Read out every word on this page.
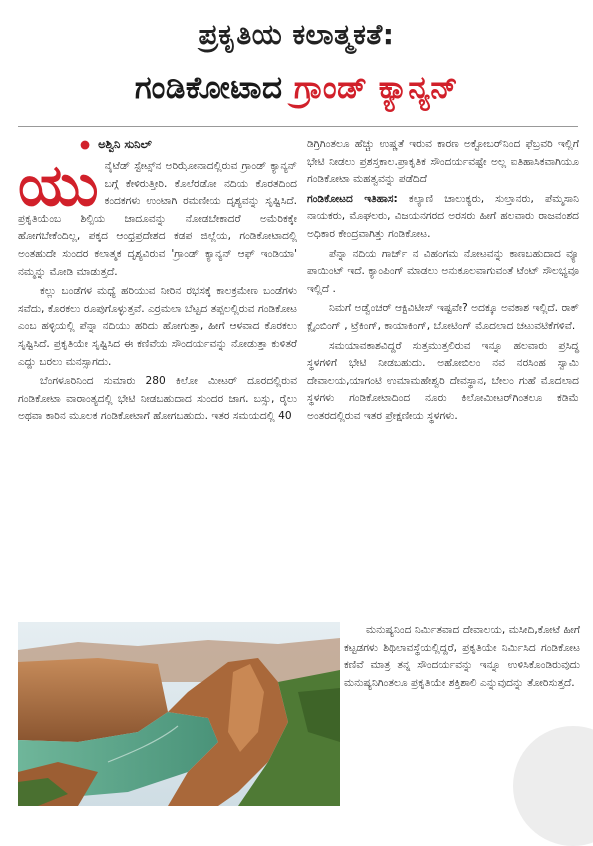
ಪ್ರಕೃತಿಯ ಕಲಾತ್ಮಕತೆ:
ಗಂಡಿಕೋಟಾದ ಗ್ರಾಂಡ್ ಕ್ಯಾನ್ಯನ್
● ಅಶ್ವಿನಿ ಸುನಿಲ್

ಯುನೈಟೆಡ್ ಸ್ಟೇಟ್ಸ್‌ನ ಅರಿಝೋನಾದಲ್ಲಿರುವ ಗ್ರಾಂಡ್ ಕ್ಯಾನ್ಯನ್ ಬಗ್ಗೆ ಕೇಳಿರುತ್ತೀರಿ. ಕೊಲೆರಡೋ ನದಿಯ ಕೊರತದಿಂದ ಕಂದಕಗಳು ಉಂಟಾಗಿ ರಮಣೀಯ ದೃಶ್ಯವನ್ನು ಸೃಷ್ಟಿಸಿದೆ. ಪ್ರಕೃತಿಯೆಂಬ ಶಿಲ್ಪಿಯ ಜಾದೂವನ್ನು ನೋಡಬೇಕಾದರೆ ಅಮೆರಿಕಕ್ಕೇ ಹೋಗಬೇಕೆಂದಿಲ್ಲ, ಪಕ್ಕದ ಆಂಧ್ರಪ್ರದೇಶದ ಕಡಪ ಜಿಲ್ಲೆಯ, ಗಂಡಿಕೋಟಾದಲ್ಲಿ ಅಂತಹುದೇ ಸುಂದರ ಕಲಾತ್ಮಕ ದೃಶ್ಯವಿರುವ 'ಗ್ರಾಂಡ್ ಕ್ಯಾನ್ಯನ್ ಆಫ್ ಇಂಡಿಯಾ' ನಮ್ಮನ್ನು ಮೋಡಿ ಮಾಡುತ್ತದೆ.

ಕಲ್ಲು ಬಂಡೆಗಳ ಮಧ್ಯೆ ಹರಿಯುವ ನೀರಿನ ರಭಸಕ್ಕೆ ಕಾಲಕ್ರಮೇಣ ಬಂಡೆಗಳು ಸವೆದು, ಕೊರಕಲು ರೂಪುಗೊಳ್ಳುತ್ತವೆ. ಎರ್ರಮಲಾ ಬೆಟ್ಟದ ತಪ್ಪಲಲ್ಲಿರುವ ಗಂಡಿಕೋಟ ಎಂಬ ಹಳ್ಳಿಯಲ್ಲಿ ಪೆನ್ನಾ ನದಿಯು ಹರಿದು ಹೋಗುತ್ತಾ, ಹೀಗೆ ಆಳವಾದ ಕೊರಕಲು ಸೃಷ್ಟಿಸಿದೆ. ಪ್ರಕೃತಿಯೇ ಸೃಷ್ಟಿಸಿದ ಈ ಕಣಿವೆಯ ಸೌಂದರ್ಯವನ್ನು ನೋಡುತ್ತಾ ಕುಳಿತರೆ ಎದ್ದು ಬರಲು ಮನಸ್ಸಾಗದು.

ಬೆಂಗಳೂರಿನಿಂದ ಸುಮಾರು 280 ಕಿಲೋ ಮೀಟರ್ ದೂರದಲ್ಲಿರುವ ಗಂಡಿಕೋಟಾ ವಾರಾಂತ್ಯದಲ್ಲಿ ಭೇಟಿ ನೀಡಬಹುದಾದ ಸುಂದರ ಜಾಗ. ಬಸ್ಸು, ರೈಲು ಅಥವಾ ಕಾರಿನ ಮೂಲಕ ಗಂಡಿಕೋಟಾಗೆ ಹೋಗಬಹುದು. ಇತರ ಸಮಯದಲ್ಲಿ 40

ಡಿಗ್ರಿಗಿಂತಲೂ ಹೆಚ್ಚು ಉಷ್ಣತೆ ಇರುವ ಕಾರಣ ಅಕ್ಟೋಬರ್‌ನಿಂದ ಫೆಬ್ರವರಿ ಇಲ್ಲಿಗೆ ಭೇಟಿ ನೀಡಲು ಪ್ರಶಸ್ತಕಾಲ.ಪ್ರಾಕೃತಿಕ ಸೌಂದರ್ಯವಷ್ಟೇ ಅಲ್ಲ ಐತಿಹಾಸಿಕವಾಗಿಯೂ ಗಂಡಿಕೋಟಾ ಮಹತ್ವವನ್ನು ಪಡೆದಿದೆ

ಗಂಡಿಕೋಟದ ಇತಿಹಾಸ: ಕಲ್ಯಾಣಿ ಚಾಲುಕ್ಯರು, ಸುಲ್ತಾನರು, ಪೆಮ್ಮಸಾನಿ ನಾಯಕರು, ಮೊಘಲರು, ವಿಜಯನಗರದ ಅರಸರು ಹೀಗೆ ಹಲವಾರು ರಾಜವಂಶದ ಅಧಿಕಾರ ಕೇಂದ್ರವಾಗಿತ್ತು ಗಂಡಿಕೋಟ.

ಪೆನ್ನಾ ನದಿಯ ಗಾರ್ಜ್ ನ ವಿಹಂಗಮ ನೋಟವನ್ನು ಕಾಣಬಹುದಾದ ವ್ಯೂ ಪಾಯಿಂಟ್ ಇದೆ. ಕ್ಯಾಂಪಿಂಗ್ ಮಾಡಲು ಅನುಕೂಲವಾಗುವಂತೆ ಟೆಂಟ್ ಸೌಲಭ್ಯವೂ ಇಲ್ಲಿದೆ .

ನಿಮಗೆ ಅಡ್ವೆಂಚರ್ ಆಕ್ಟಿವಿಟೀಸ್ ಇಷ್ಟವೇ? ಅದಕ್ಕೂ ಅವಕಾಶ ಇಲ್ಲಿದೆ. ರಾಕ್ ಕ್ಲೈಂಬಿಂಗ್ , ಟ್ರೆಕಿಂಗ್, ಕಾಯಾಕಿಂಗ್, ಬೋಟಿಂಗ್ ಮೊದಲಾದ ಚಟುವಟಿಕೆಗಳಿವೆ.

ಸಮಯಾವಕಾಶವಿದ್ದರೆ ಸುತ್ತಮುತ್ತಲಿರುವ ಇನ್ನೂ ಹಲವಾರು ಪ್ರಸಿದ್ಧ ಸ್ಥಳಗಳಿಗೆ ಭೇಟಿ ನೀಡಬಹುದು. ಅಹೋಬಿಲಂ ನವ ನರಸಿಂಹ ಸ್ವಾಮಿ ದೇವಾಲಯ,ಯಾಗಂಟಿ ಉಮಾಮಹೇಶ್ವರಿ ದೇವಸ್ಥಾನ, ಬೇಲಂ ಗುಹೆ ಮೊದಲಾದ ಸ್ಥಳಗಳು ಗಂಡಿಕೋಟಾದಿಂದ ನೂರು ಕಿಲೋಮೀಟರ್‌ಗಿಂತಲೂ ಕಡಿಮೆ ಅಂತರದಲ್ಲಿರುವ ಇತರ ಪ್ರೇಕ್ಷಣೀಯ ಸ್ಥಳಗಳು.

ಮನುಷ್ಯನಿಂದ ನಿರ್ಮಿತವಾದ ದೇವಾಲಯ, ಮಸೀದಿ,ಕೋಟೆ ಹೀಗೆ ಕಟ್ಟಡಗಳು ಶಿಥಿಲಾವಸ್ಥೆಯಲ್ಲಿದ್ದರೆ, ಪ್ರಕೃತಿಯೇ ನಿರ್ಮಿಸಿದ ಗಂಡಿಕೋಟ ಕಣಿವೆ ಮಾತ್ರ ತನ್ನ ಸೌಂದರ್ಯವನ್ನು ಇನ್ನೂ ಉಳಿಸಿಕೊಂಡಿರುವುದು ಮನುಷ್ಯನಿಗಿಂತಲೂ ಪ್ರಕೃತಿಯೇ ಶಕ್ತಿಶಾಲಿ ಎನ್ನುವುದನ್ನು ತೋರಿಸುತ್ತದೆ.
